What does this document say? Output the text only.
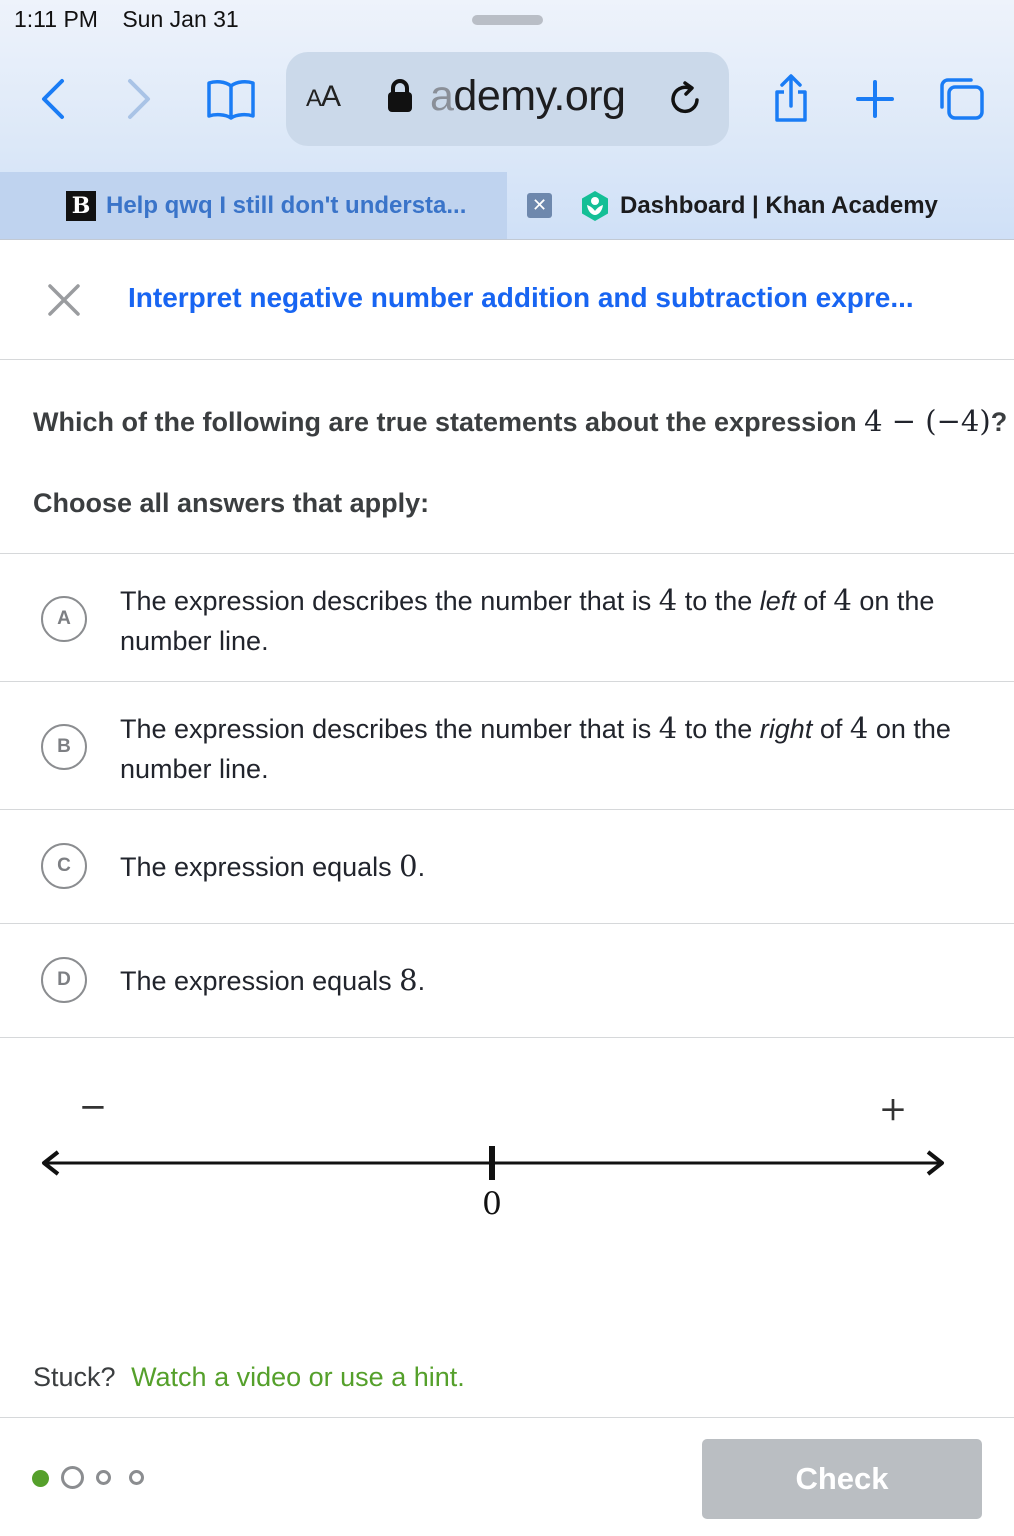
1:11 PM Sun Jan 31
AA ademy.org
B Help qwq I still don't understa...	✕	Dashboard | Khan Academy
Interpret negative number addition and subtraction expre...
Which of the following are true statements about the expression 4 − (−4)?
Choose all answers that apply:
A
The expression describes the number that is 4 to the left of 4 on the number line.
B
The expression describes the number that is 4 to the right of 4 on the number line.
C	The expression equals 0.
D	The expression equals 8.
−	+
0
Stuck? Watch a video or use a hint.
Check
